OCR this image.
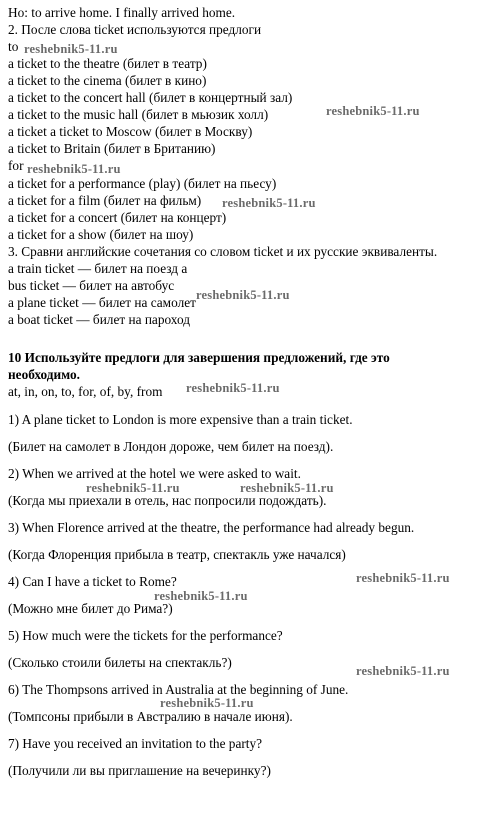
Но: to arrive home. I finally arrived home.
2. После слова ticket используются предлоги
to
a ticket to the theatre (билет в театр)
a ticket to the cinema (билет в кино)
a ticket to the concert hall (билет в концертный зал)
a ticket to the music hall (билет в мьюзик холл)
a ticket a ticket to Moscow (билет в Москву)
a ticket to Britain (билет в Британию)
for
a ticket for a performance (play) (билет на пьесу)
a ticket for a film (билет на фильм)
a ticket for a concert (билет на концерт)
a ticket for a show (билет на шоу)
3. Сравни английские сочетания со словом ticket и их русские эквиваленты.
a train ticket — билет на поезд а
bus ticket — билет на автобус
a plane ticket — билет на самолет
a boat ticket — билет на пароход
10 Используйте предлоги для завершения предложений, где это
необходимо.
at, in, on, to, for, of, by, from
1) A plane ticket to London is more expensive than a train ticket.
(Билет на самолет в Лондон дороже, чем билет на поезд).
2) When we arrived at the hotel we were asked to wait.
(Когда мы приехали в отель, нас попросили подождать).
3) When Florence arrived at the theatre, the performance had already begun.
(Когда Флоренция прибыла в театр, спектакль уже начался)
4) Can I have a ticket to Rome?
(Можно мне билет до Рима?)
5) How much were the tickets for the performance?
(Сколько стоили билеты на спектакль?)
6) The Thompsons arrived in Australia at the beginning of June.
(Томпсоны прибыли в Австралию в начале июня).
7) Have you received an invitation to the party?
(Получили ли вы приглашение на вечеринку?)
reshebnik5-11.ru
reshebnik5-11.ru
reshebnik5-11.ru
reshebnik5-11.ru
reshebnik5-11.ru
reshebnik5-11.ru
reshebnik5-11.ru	reshebnik5-11.ru
reshebnik5-11.ru
reshebnik5-11.ru
reshebnik5-11.ru
reshebnik5-11.ru
